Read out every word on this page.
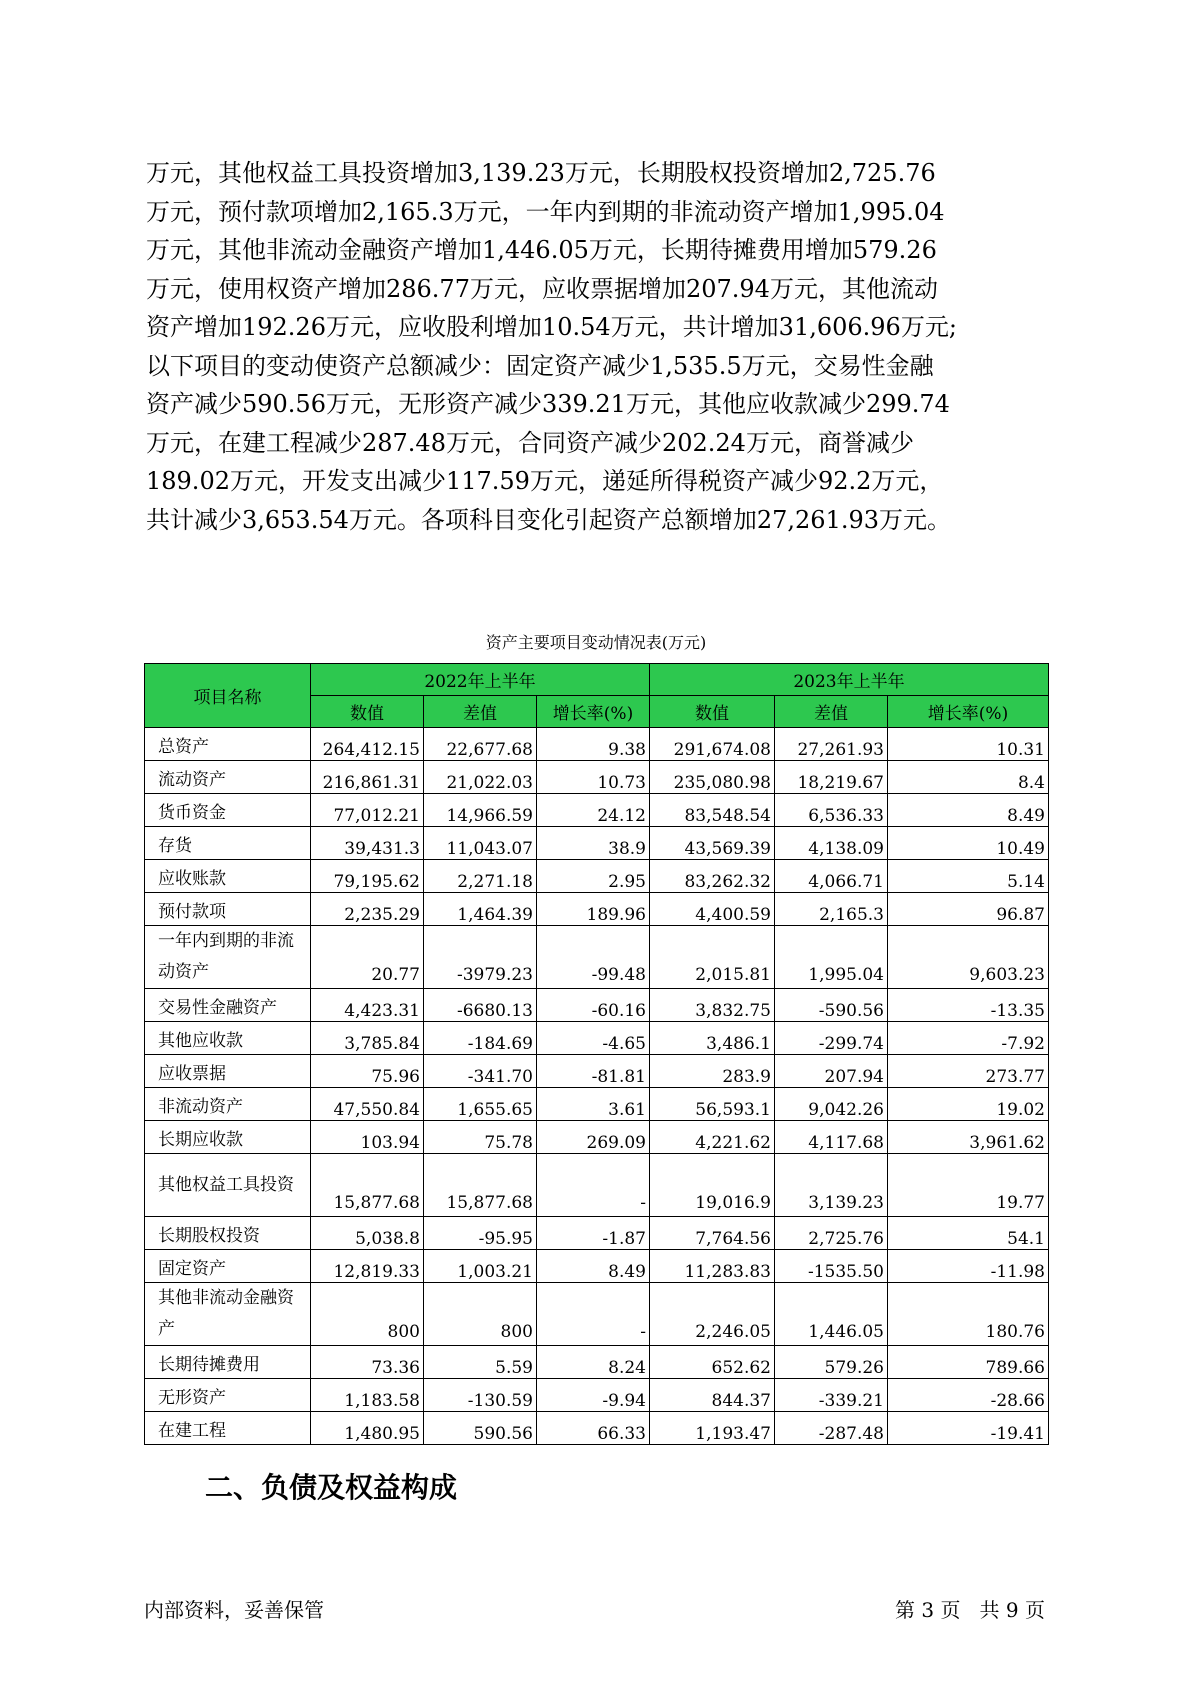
万元，其他权益工具投资增加3,139.23万元，长期股权投资增加2,725.76
万元，预付款项增加2,165.3万元，一年内到期的非流动资产增加1,995.04
万元，其他非流动金融资产增加1,446.05万元，长期待摊费用增加579.26
万元，使用权资产增加286.77万元，应收票据增加207.94万元，其他流动
资产增加192.26万元，应收股利增加10.54万元，共计增加31,606.96万元;
以下项目的变动使资产总额减少：固定资产减少1,535.5万元，交易性金融
资产减少590.56万元，无形资产减少339.21万元，其他应收款减少299.74
万元，在建工程减少287.48万元，合同资产减少202.24万元，商誉减少
189.02万元，开发支出减少117.59万元，递延所得税资产减少92.2万元，
共计减少3,653.54万元。各项科目变化引起资产总额增加27,261.93万元。
资产主要项目变动情况表(万元)
项目名称	2022年上半年			2023年上半年		
	数值	差值	增长率(%)	数值	差值	增长率(%)
总资产	264,412.15	22,677.68	9.38	291,674.08	27,261.93	10.31
流动资产	216,861.31	21,022.03	10.73	235,080.98	18,219.67	8.4
货币资金	77,012.21	14,966.59	24.12	83,548.54	6,536.33	8.49
存货	39,431.3	11,043.07	38.9	43,569.39	4,138.09	10.49
应收账款	79,195.62	2,271.18	2.95	83,262.32	4,066.71	5.14
预付款项	2,235.29	1,464.39	189.96	4,400.59	2,165.3	96.87
一年内到期的非流动资产	20.77	-3979.23	-99.48	2,015.81	1,995.04	9,603.23
交易性金融资产	4,423.31	-6680.13	-60.16	3,832.75	-590.56	-13.35
其他应收款	3,785.84	-184.69	-4.65	3,486.1	-299.74	-7.92
应收票据	75.96	-341.70	-81.81	283.9	207.94	273.77
非流动资产	47,550.84	1,655.65	3.61	56,593.1	9,042.26	19.02
长期应收款	103.94	75.78	269.09	4,221.62	4,117.68	3,961.62
其他权益工具投资	15,877.68	15,877.68	-	19,016.9	3,139.23	19.77
长期股权投资	5,038.8	-95.95	-1.87	7,764.56	2,725.76	54.1
固定资产	12,819.33	1,003.21	8.49	11,283.83	-1535.50	-11.98
其他非流动金融资产	800	800	-	2,246.05	1,446.05	180.76
长期待摊费用	73.36	5.59	8.24	652.62	579.26	789.66
无形资产	1,183.58	-130.59	-9.94	844.37	-339.21	-28.66
在建工程	1,480.95	590.56	66.33	1,193.47	-287.48	-19.41
二、负债及权益构成
内部资料，妥善保管	第 3 页   共 9 页
